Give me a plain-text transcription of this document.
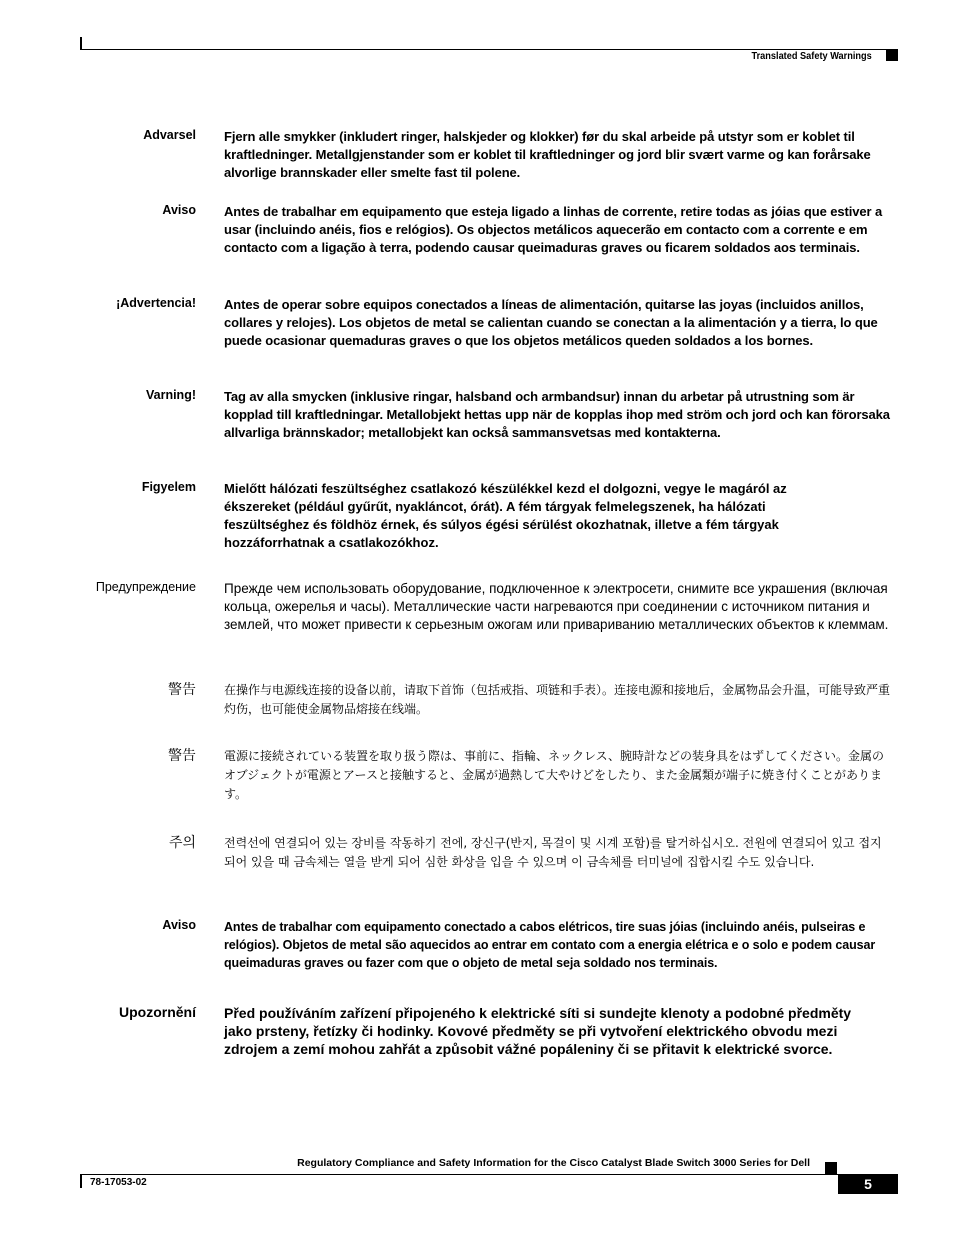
Translated Safety Warnings
Advarsel Fjern alle smykker (inkludert ringer, halskjeder og klokker) før du skal arbeide på utstyr som er koblet til kraftledninger. Metallgjenstander som er koblet til kraftledninger og jord blir svært varme og kan forårsake alvorlige brannskader eller smelte fast til polene.
Aviso Antes de trabalhar em equipamento que esteja ligado a linhas de corrente, retire todas as jóias que estiver a usar (incluindo anéis, fios e relógios). Os objectos metálicos aquecerão em contacto com a corrente e em contacto com a ligação à terra, podendo causar queimaduras graves ou ficarem soldados aos terminais.
¡Advertencia! Antes de operar sobre equipos conectados a líneas de alimentación, quitarse las joyas (incluidos anillos, collares y relojes). Los objetos de metal se calientan cuando se conectan a la alimentación y a tierra, lo que puede ocasionar quemaduras graves o que los objetos metálicos queden soldados a los bornes.
Varning! Tag av alla smycken (inklusive ringar, halsband och armbandsur) innan du arbetar på utrustning som är kopplad till kraftledningar. Metallobjekt hettas upp när de kopplas ihop med ström och jord och kan förorsaka allvarliga brännskador; metallobjekt kan också sammansvetsas med kontakterna.
Figyelem Mielőtt hálózati feszültséghez csatlakozó készülékkel kezd el dolgozni, vegye le magáról az ékszereket (például gyűrűt, nyakláncot, órát). A fém tárgyak felmelegszenek, ha hálózati feszültséghez és földhöz érnek, és súlyos égési sérülést okozhatnak, illetve a fém tárgyak hozzáforrhatnak a csatlakozókhoz.
Предупреждение Прежде чем использовать оборудование, подключенное к электросети, снимите все украшения (включая кольца, ожерелья и часы). Металлические части нагреваются при соединении с источником питания и землей, что может привести к серьезным ожогам или привариванию металлических объектов к клеммам.
警告 在操作与电源线连接的设备以前，请取下首饰（包括戒指、项链和手表）。连接电源和接地后，金属物品会升温，可能导致严重灼伤，也可能使金属物品熔接在线端。
警告 電源に接続されている装置を取り扱う際は、事前に、指輪、ネックレス、腕時計などの装身具をはずしてください。金属のオブジェクトが電源とアースと接触すると、金属が過熱して大やけどをしたり、また金属類が端子に焼き付くことがあります。
주의 전력선에 연결되어 있는 장비를 작동하기 전에, 장신구(반지, 목걸이 및 시계 포함)를 탈거하십시오. 전원에 연결되어 있고 접지되어 있을 때 금속체는 열을 받게 되어 심한 화상을 입을 수 있으며 이 금속체를 터미널에 집합시킬 수도 있습니다.
Aviso Antes de trabalhar com equipamento conectado a cabos elétricos, tire suas jóias (incluindo anéis, pulseiras e relógios). Objetos de metal são aquecidos ao entrar em contato com a energia elétrica e o solo e podem causar queimaduras graves ou fazer com que o objeto de metal seja soldado nos terminais.
Upozornění Před používáním zařízení připojeného k elektrické síti si sundejte klenoty a podobné předměty jako prsteny, řetízky či hodinky. Kovové předměty se při vytvoření elektrického obvodu mezi zdrojem a zemí mohou zahřát a způsobit vážné popáleniny či se přitavit k elektrické svorce.
Regulatory Compliance and Safety Information for the Cisco Catalyst Blade Switch 3000 Series for Dell
78-17053-02	5
